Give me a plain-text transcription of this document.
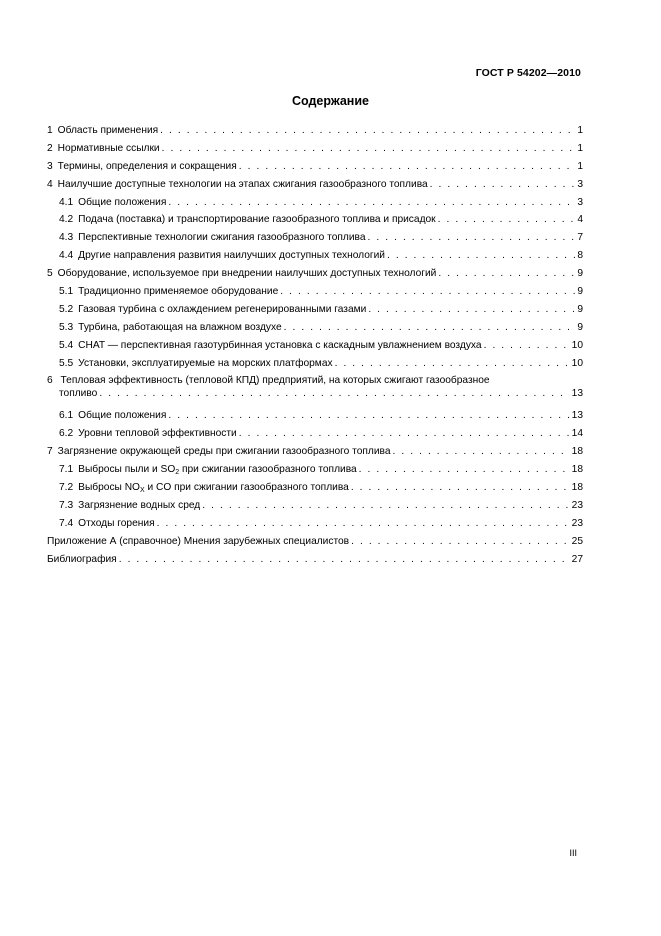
ГОСТ Р 54202—2010
Содержание
1 Область применения . . .	1
2 Нормативные ссылки . . .	1
3 Термины, определения и сокращения . . .	1
4 Наилучшие доступные технологии на этапах сжигания газообразного топлива . . .	3
4.1 Общие положения . . .	3
4.2 Подача (поставка) и транспортирование газообразного топлива и присадок . . .	4
4.3 Перспективные технологии сжигания газообразного топлива . . .	7
4.4 Другие направления развития наилучших доступных технологий . . .	8
5 Оборудование, используемое при внедрении наилучших доступных технологий . . .	9
5.1 Традиционно применяемое оборудование . . .	9
5.2 Газовая турбина с охлаждением регенерированными газами . . .	9
5.3 Турбина, работающая на влажном воздухе . . .	9
5.4 CHAT — перспективная газотурбинная установка с каскадным увлажнением воздуха . . .	10
5.5 Установки, эксплуатируемые на морских платформах . . .	10
6 Тепловая эффективность (тепловой КПД) предприятий, на которых сжигают газообразное
топливо . . .	13
6.1 Общие положения . . .	13
6.2 Уровни тепловой эффективности . . .	14
7 Загрязнение окружающей среды при сжигании газообразного топлива . . .	18
7.1 Выбросы пыли и $SO_2$ при сжигании газообразного топлива . . .	18
7.2 Выбросы $NO_X$ и CO при сжигании газообразного топлива . . .	18
7.3 Загрязнение водных сред . . .	23
7.4 Отходы горения . . .	23
Приложение А (справочное) Мнения зарубежных специалистов . . .	25
Библиография . . .	27
III
